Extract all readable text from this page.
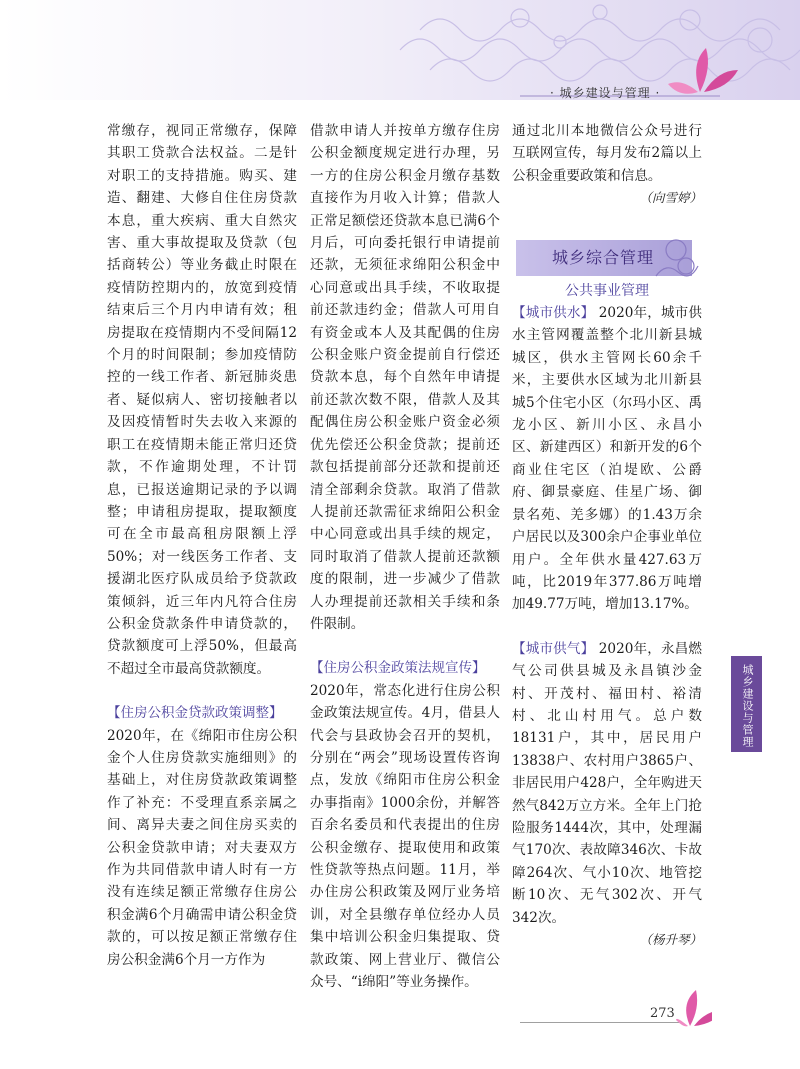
· 城乡建设与管理 ·

常缴存，视同正常缴存，保障其职工贷款合法权益。二是针对职工的支持措施。购买、建造、翻建、大修自住住房贷款本息，重大疾病、重大自然灾害、重大事故提取及贷款（包括商转公）等业务截止时限在疫情防控期内的，放宽到疫情结束后三个月内申请有效；租房提取在疫情期内不受间隔12个月的时间限制；参加疫情防控的一线工作者、新冠肺炎患者、疑似病人、密切接触者以及因疫情暂时失去收入来源的职工在疫情期未能正常归还贷款，不作逾期处理，不计罚息，已报送逾期记录的予以调整；申请租房提取，提取额度可在全市最高租房限额上浮50%；对一线医务工作者、支援湖北医疗队成员给予贷款政策倾斜，近三年内凡符合住房公积金贷款条件申请贷款的，贷款额度可上浮50%，但最高不超过全市最高贷款额度。

【住房公积金贷款政策调整】

2020年，在《绵阳市住房公积金个人住房贷款实施细则》的基础上，对住房贷款政策调整作了补充：不受理直系亲属之间、离异夫妻之间住房买卖的公积金贷款申请；对夫妻双方作为共同借款申请人时有一方没有连续足额正常缴存住房公积金满6个月确需申请公积金贷款的，可以按足额正常缴存住房公积金满6个月一方作为

借款申请人并按单方缴存住房公积金额度规定进行办理，另一方的住房公积金月缴存基数直接作为月收入计算；借款人正常足额偿还贷款本息已满6个月后，可向委托银行申请提前还款，无须征求绵阳公积金中心同意或出具手续，不收取提前还款违约金；借款人可用自有资金或本人及其配偶的住房公积金账户资金提前自行偿还贷款本息，每个自然年申请提前还款次数不限，借款人及其配偶住房公积金账户资金必须优先偿还公积金贷款；提前还款包括提前部分还款和提前还清全部剩余贷款。取消了借款人提前还款需征求绵阳公积金中心同意或出具手续的规定，同时取消了借款人提前还款额度的限制，进一步减少了借款人办理提前还款相关手续和条件限制。

【住房公积金政策法规宣传】

2020年，常态化进行住房公积金政策法规宣传。4月，借县人代会与县政协会召开的契机，分别在“两会”现场设置传咨询点，发放《绵阳市住房公积金办事指南》1000余份，并解答百余名委员和代表提出的住房公积金缴存、提取使用和政策性贷款等热点问题。11月，举办住房公积政策及网厅业务培训，对全县缴存单位经办人员集中培训公积金归集提取、贷款政策、网上营业厅、微信公众号、“i绵阳”等业务操作。

通过北川本地微信公众号进行互联网宣传，每月发布2篇以上公积金重要政策和信息。

（向雪婷）

城乡综合管理

公共事业管理

【城市供水】 2020年，城市供水主管网覆盖整个北川新县城城区，供水主管网长60余千米，主要供水区域为北川新县城5个住宅小区（尔玛小区、禹龙小区、新川小区、永昌小区、新建西区）和新开发的6个商业住宅区（泊堤欧、公爵府、御景豪庭、佳星广场、御景名苑、羌多娜）的1.43万余户居民以及300余户企事业单位用户。全年供水量427.63万吨，比2019年377.86万吨增加49.77万吨，增加13.17%。

【城市供气】 2020年，永昌燃气公司供县城及永昌镇沙金村、开茂村、福田村、裕清村、北山村用气。总户数18131户，其中，居民用户13838户、农村用户3865户、非居民用户428户，全年购进天然气842万立方米。全年上门抢险服务1444次，其中，处理漏气170次、表故障346次、卡故障264次、气小10次、地管挖断10次、无气302次、开气342次。

（杨升琴）

城乡建设与管理
273
